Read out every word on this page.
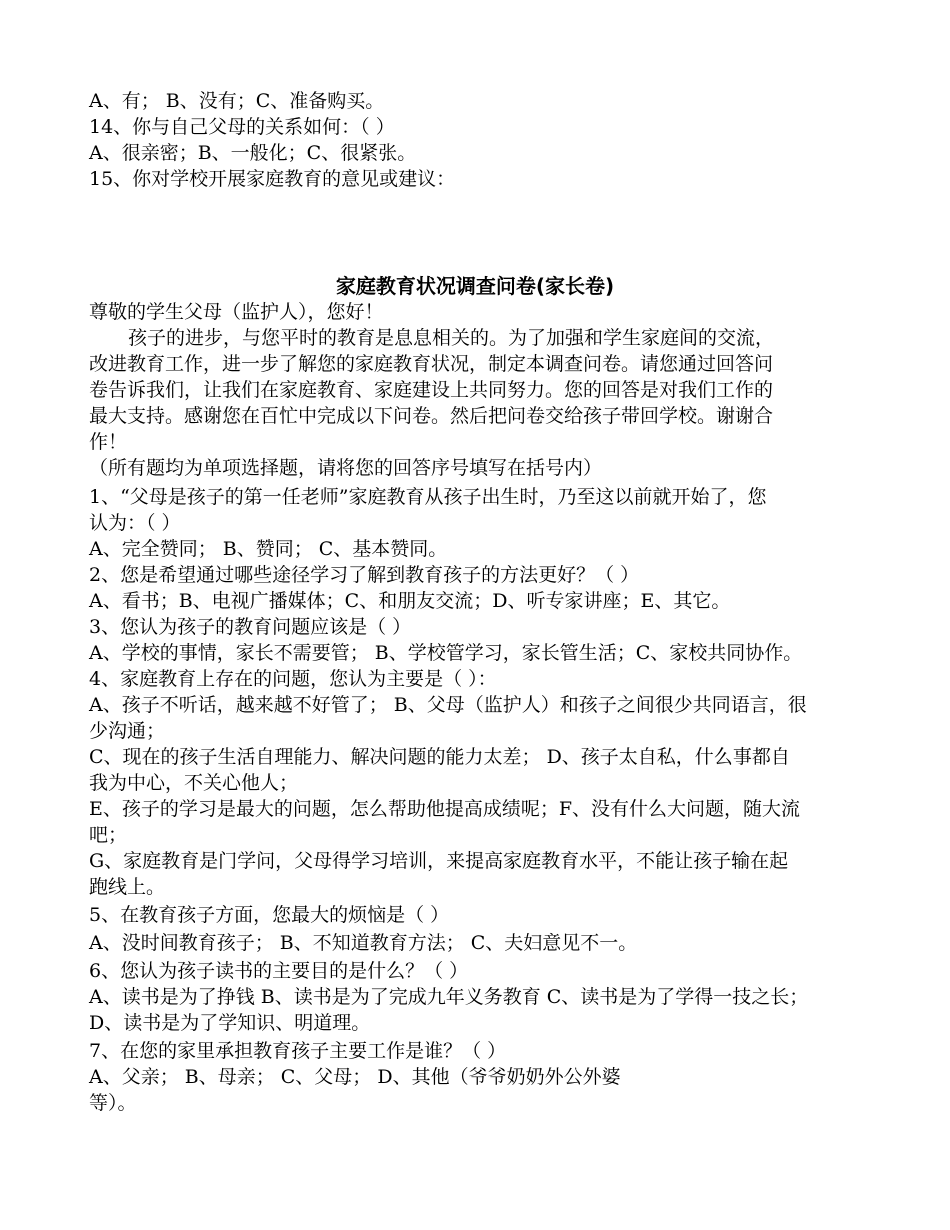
A、有； B、没有；C、准备购买。
14、你与自己父母的关系如何：（ ）
A、很亲密；B、一般化；C、很紧张。
15、你对学校开展家庭教育的意见或建议：
家庭教育状况调查问卷(家长卷)
尊敬的学生父母（监护人），您好！
孩子的进步，与您平时的教育是息息相关的。为了加强和学生家庭间的交流，
改进教育工作，进一步了解您的家庭教育状况，制定本调查问卷。请您通过回答问
卷告诉我们，让我们在家庭教育、家庭建设上共同努力。您的回答是对我们工作的
最大支持。感谢您在百忙中完成以下问卷。然后把问卷交给孩子带回学校。谢谢合
作！
（所有题均为单项选择题，请将您的回答序号填写在括号内）
1、“父母是孩子的第一任老师”家庭教育从孩子出生时，乃至这以前就开始了，您
认为：（ ）
A、完全赞同； B、赞同； C、基本赞同。
2、您是希望通过哪些途径学习了解到教育孩子的方法更好？（ ）
A、看书；B、电视广播媒体；C、和朋友交流；D、听专家讲座；E、其它。
3、您认为孩子的教育问题应该是（ ）
A、学校的事情，家长不需要管； B、学校管学习，家长管生活；C、家校共同协作。
4、家庭教育上存在的问题，您认为主要是（ ）：
A、孩子不听话，越来越不好管了； B、父母（监护人）和孩子之间很少共同语言，很
少沟通；
C、现在的孩子生活自理能力、解决问题的能力太差； D、孩子太自私，什么事都自
我为中心，不关心他人；
E、孩子的学习是最大的问题，怎么帮助他提高成绩呢；F、没有什么大问题，随大流
吧；
G、家庭教育是门学问，父母得学习培训，来提高家庭教育水平，不能让孩子输在起
跑线上。
5、在教育孩子方面，您最大的烦恼是（ ）
A、没时间教育孩子； B、不知道教育方法； C、夫妇意见不一。
6、您认为孩子读书的主要目的是什么？（ ）
A、读书是为了挣钱 B、读书是为了完成九年义务教育 C、读书是为了学得一技之长；
D、读书是为了学知识、明道理。
7、在您的家里承担教育孩子主要工作是谁？（ ）
A、父亲； B、母亲； C、父母； D、其他（爷爷奶奶外公外婆
等）。
